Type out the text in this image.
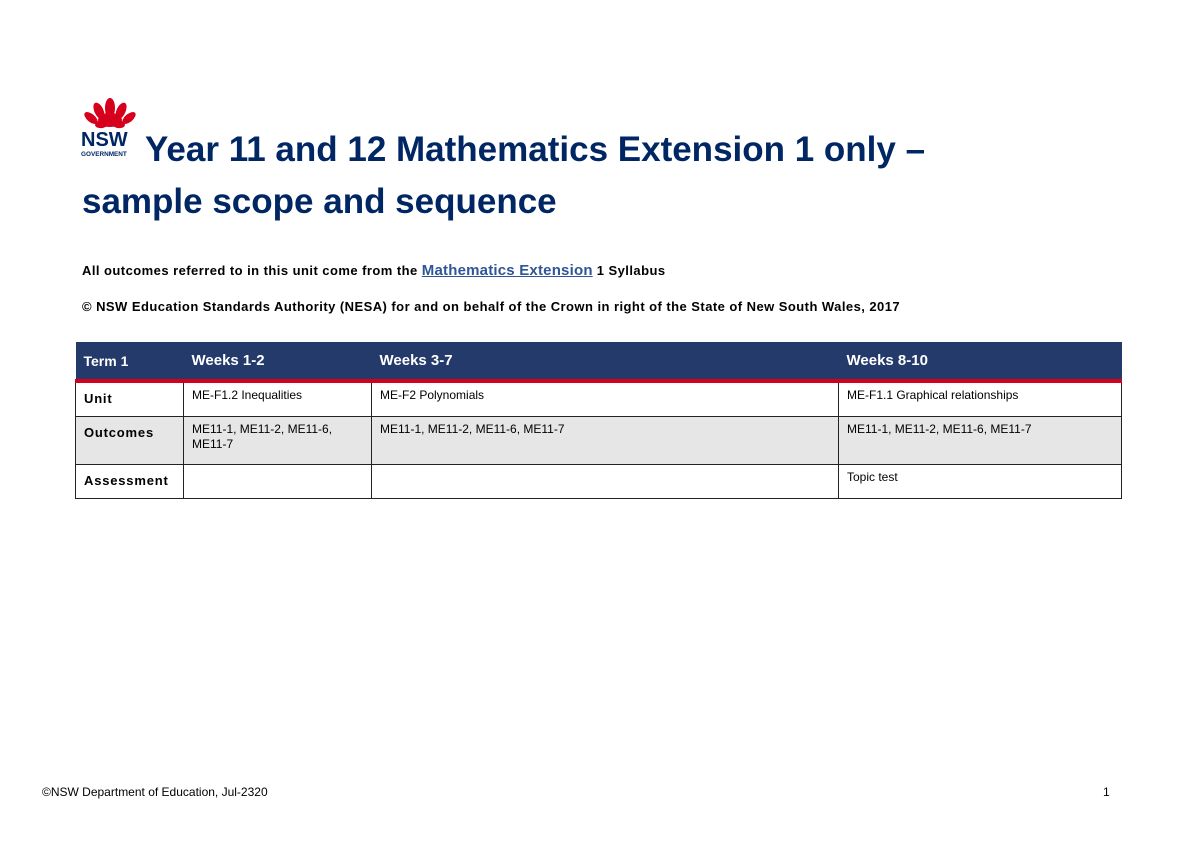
NSW
GOVERNMENT Year 11 and 12 Mathematics Extension 1 only –
sample scope and sequence

All outcomes referred to in this unit come from the Mathematics Extension 1 Syllabus

© NSW Education Standards Authority (NESA) for and on behalf of the Crown in right of the State of New South Wales, 2017

Term 1	Weeks 1-2	Weeks 3-7	Weeks 8-10
Unit	ME-F1.2 Inequalities	ME-F2 Polynomials	ME-F1.1 Graphical relationships
Outcomes	ME11-1, ME11-2, ME11-6, ME11-7	ME11-1, ME11-2, ME11-6, ME11-7	ME11-1, ME11-2, ME11-6, ME11-7
Assessment			Topic test

©NSW Department of Education, Jul-2320	1
